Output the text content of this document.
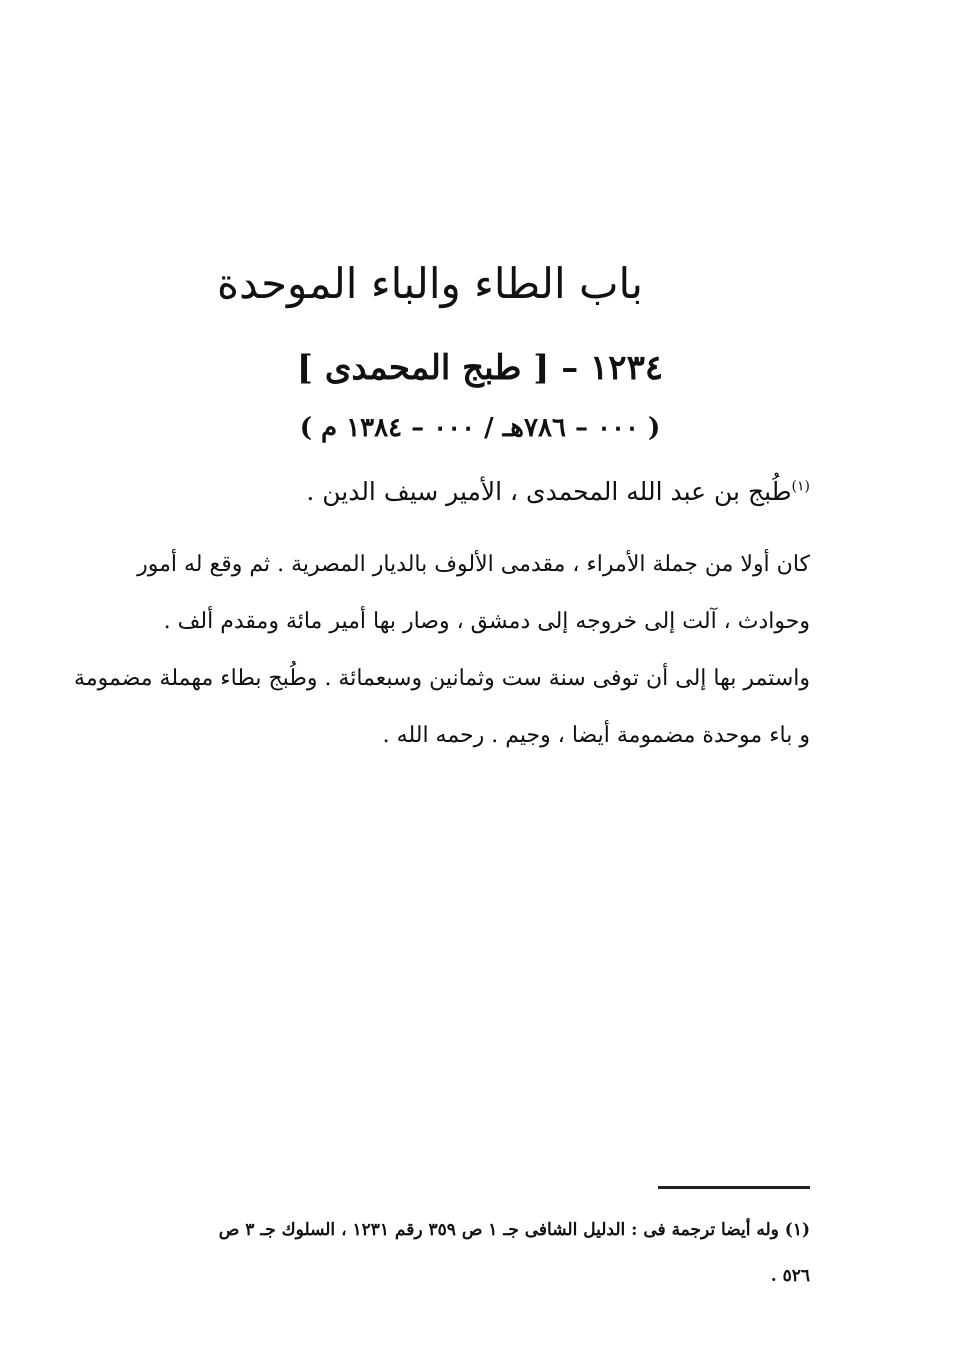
باب الطاء والباء الموحدة
١٢٣٤ – [ طبج المحمدى ]
( ٠٠٠ – ٧٨٦هـ / ٠٠٠ – ١٣٨٤ م )
$^{(١)}$طُبج بن عبد الله المحمدى ، الأمير سيف الدين .
كان أولا من جملة الأمراء ، مقدمى الألوف بالديار المصرية . ثم وقع له أمور
وحوادث ، آلت إلى خروجه إلى دمشق ، وصار بها أمير مائة ومقدم ألف .
واستمر بها إلى أن توفى سنة ست وثمانين وسبعمائة . وطُبج بطاء مهملة مضمومة
و باء موحدة مضمومة أيضا ، وجيم . رحمه الله .
(١) وله أيضا ترجمة فى : الدليل الشافى جـ ١ ص ٣٥٩ رقم ١٢٣١ ، السلوك جـ ٣ ص
٥٢٦ .
